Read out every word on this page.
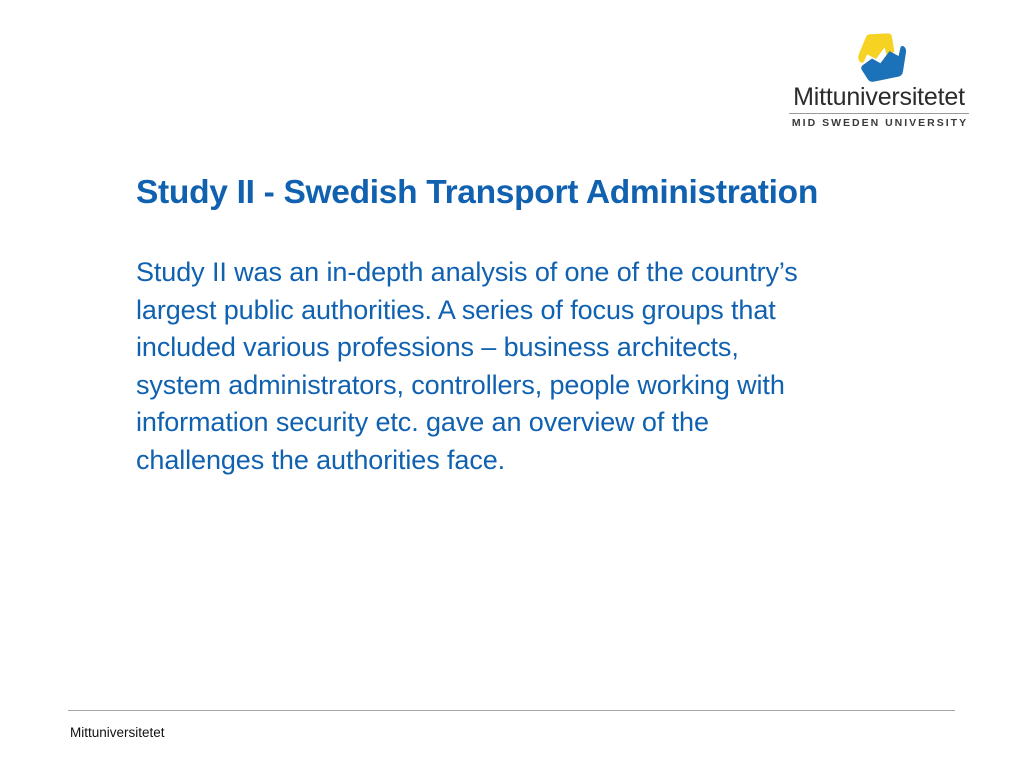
Mittuniversitetet
MID SWEDEN UNIVERSITY
Study II - Swedish Transport Administration

Study II was an in-depth analysis of one of the country’s

largest public authorities. A series of focus groups that

included various professions – business architects,

system administrators, controllers, people working with

information security etc. gave an overview of the

challenges the authorities face.

Mittuniversitetet
